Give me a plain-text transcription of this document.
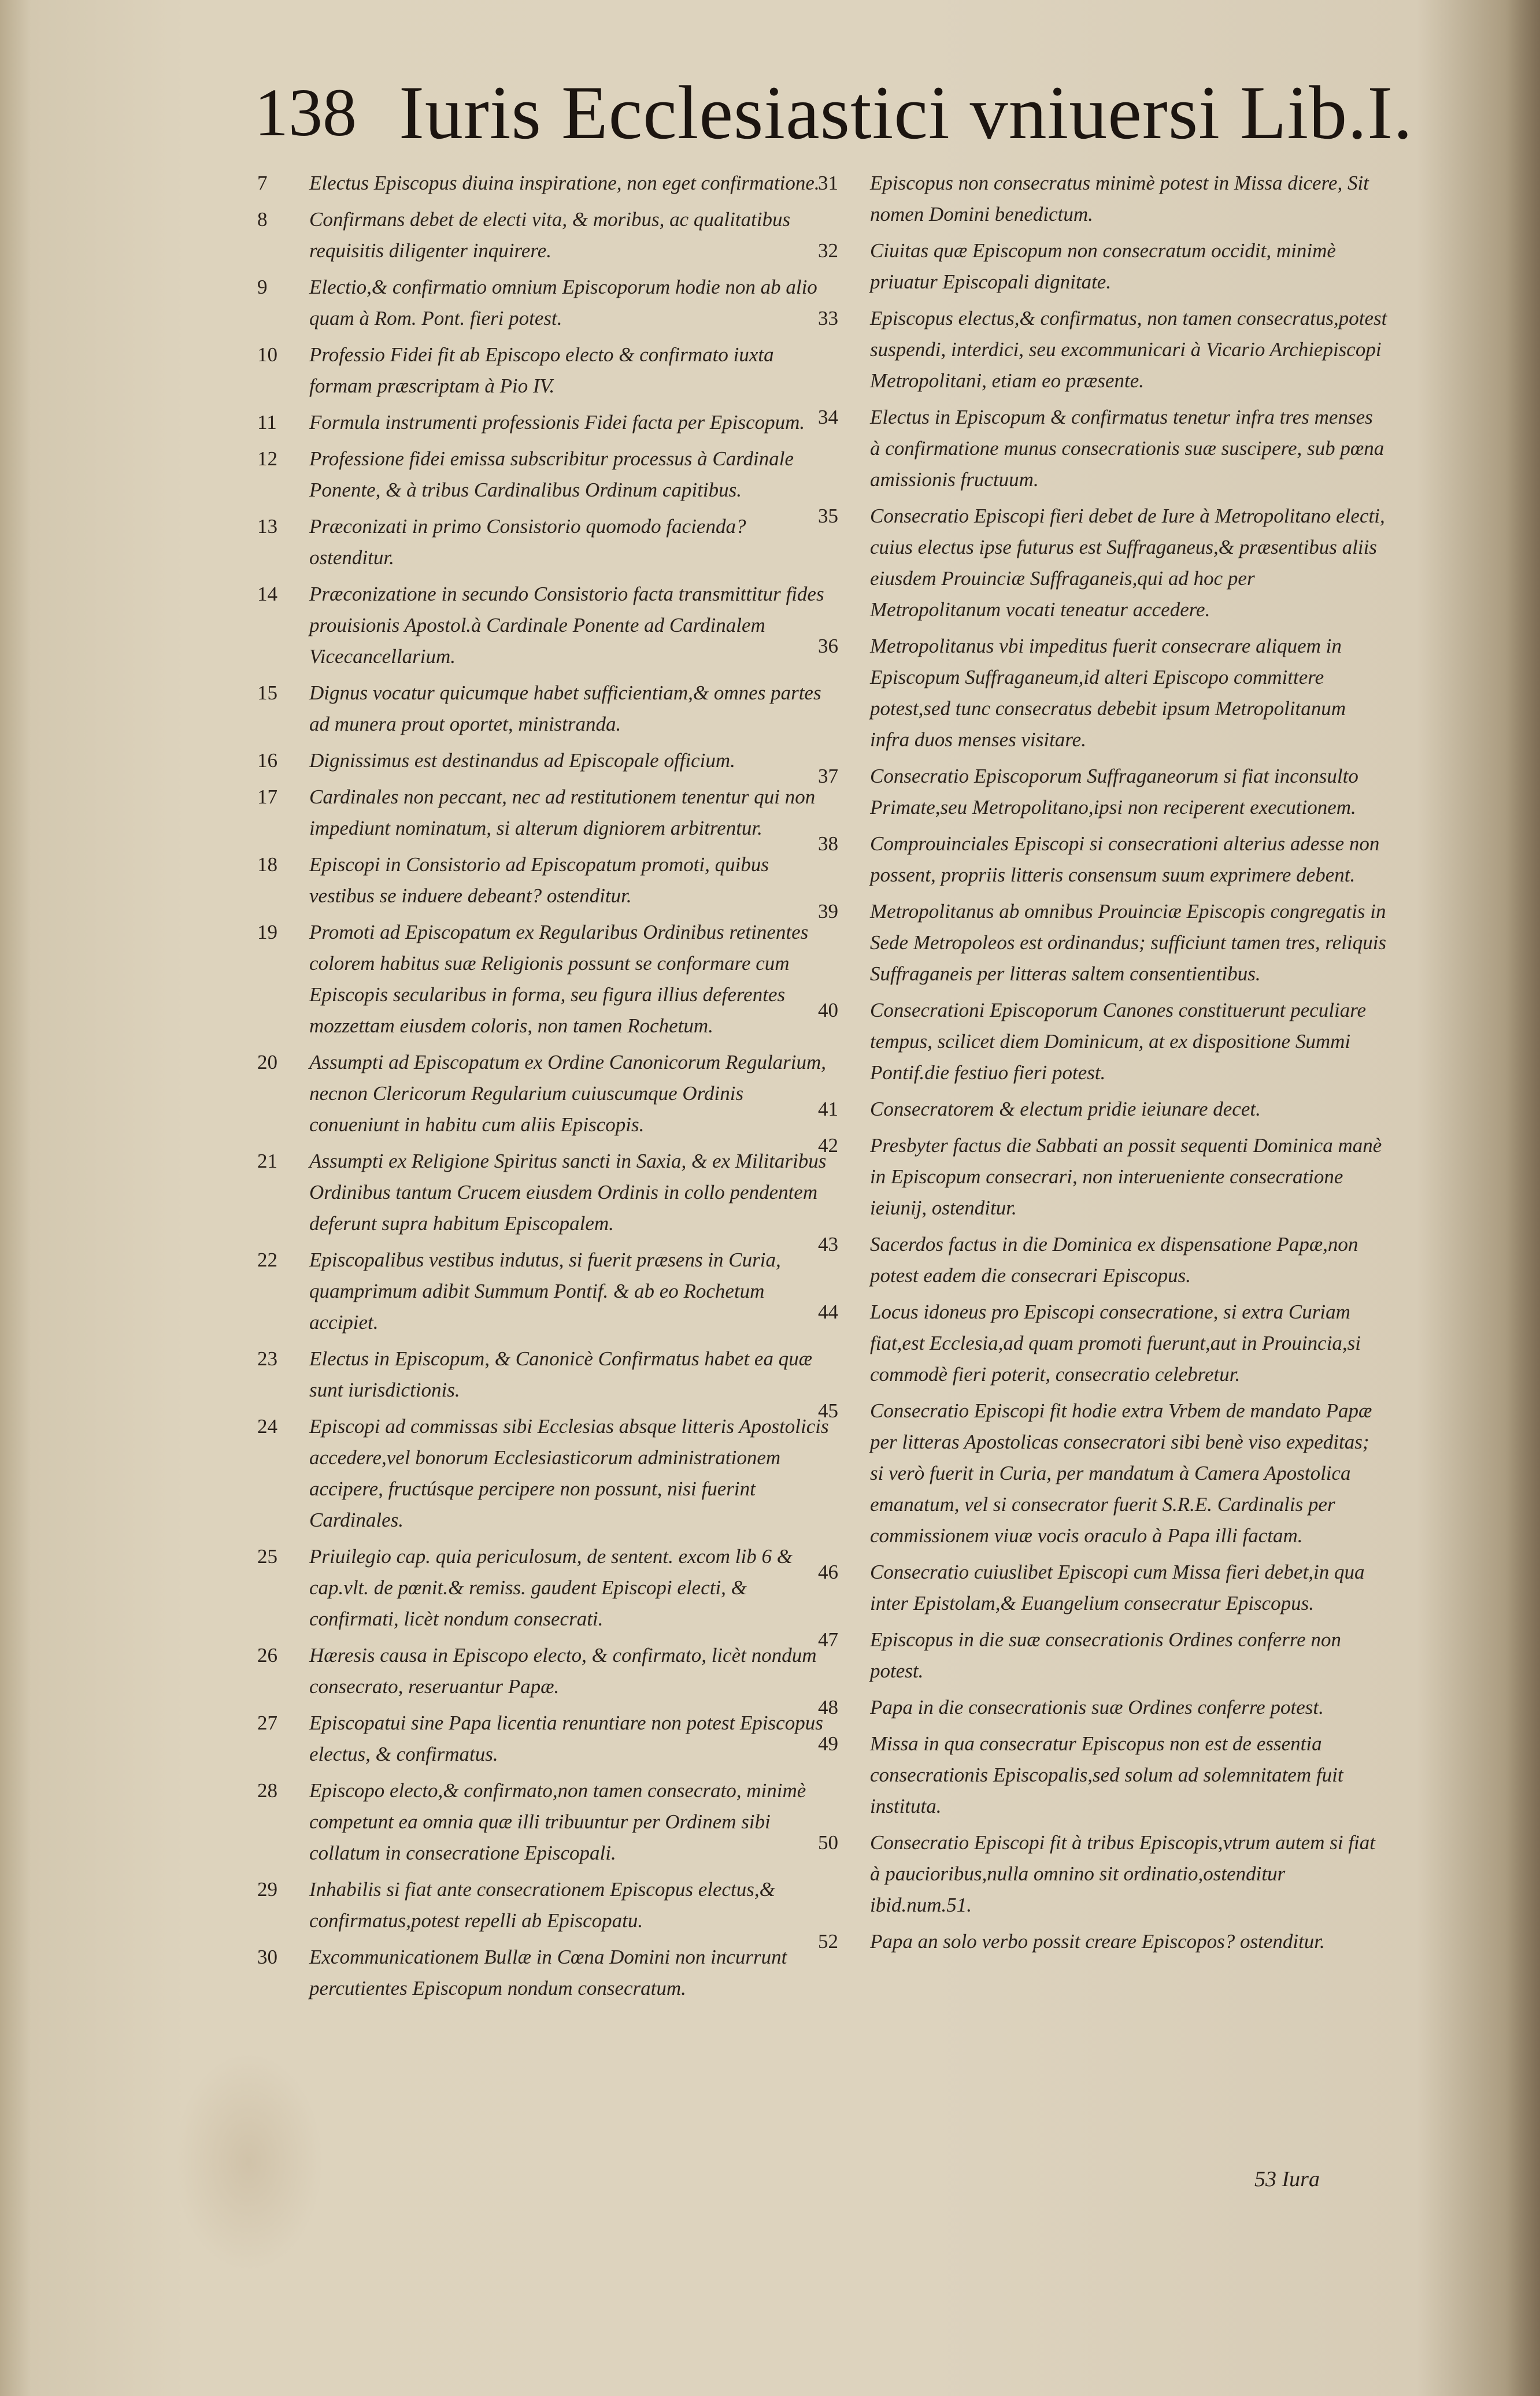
138 Iuris Ecclesiastici vniuersi Lib.I.
7	Electus Episcopus diuina inspiratione, non eget confirmatione.
8	Confirmans debet de electi vita, & moribus, ac qualitatibus requisitis diligenter inquirere.
9	Electio,& confirmatio omnium Episcoporum hodie non ab alio quam à Rom. Pont. fieri potest.
10	Professio Fidei fit ab Episcopo electo & confirmato iuxta formam præscriptam à Pio IV.
11	Formula instrumenti professionis Fidei facta per Episcopum.
12	Professione fidei emissa subscribitur processus à Cardinale Ponente, & à tribus Cardinalibus Ordinum capitibus.
13	Præconizati in primo Consistorio quomodo facienda? ostenditur.
14	Præconizatione in secundo Consistorio facta transmittitur fides prouisionis Apostol.à Cardinale Ponente ad Cardinalem Vicecancellarium.
15	Dignus vocatur quicumque habet sufficientiam,& omnes partes ad munera prout oportet, ministranda.
16	Dignissimus est destinandus ad Episcopale officium.
17	Cardinales non peccant, nec ad restitutionem tenentur qui non impediunt nominatum, si alterum digniorem arbitrentur.
18	Episcopi in Consistorio ad Episcopatum promoti, quibus vestibus se induere debeant? ostenditur.
19	Promoti ad Episcopatum ex Regularibus Ordinibus retinentes colorem habitus suæ Religionis possunt se conformare cum Episcopis secularibus in forma, seu figura illius deferentes mozzettam eiusdem coloris, non tamen Rochetum.
20	Assumpti ad Episcopatum ex Ordine Canonicorum Regularium, necnon Clericorum Regularium cuiuscumque Ordinis conueniunt in habitu cum aliis Episcopis.
21	Assumpti ex Religione Spiritus sancti in Saxia, & ex Militaribus Ordinibus tantum Crucem eiusdem Ordinis in collo pendentem deferunt supra habitum Episcopalem.
22	Episcopalibus vestibus indutus, si fuerit præsens in Curia, quamprimum adibit Summum Pontif. & ab eo Rochetum accipiet.
23	Electus in Episcopum, & Canonicè Confirmatus habet ea quæ sunt iurisdictionis.
24	Episcopi ad commissas sibi Ecclesias absque litteris Apostolicis accedere,vel bonorum Ecclesiasticorum administrationem accipere, fructúsque percipere non possunt, nisi fuerint Cardinales.
25	Priuilegio cap. quia periculosum, de sentent. excom lib 6 & cap.vlt. de pœnit.& remiss. gaudent Episcopi electi, & confirmati, licèt nondum consecrati.
26	Hæresis causa in Episcopo electo, & confirmato, licèt nondum consecrato, reseruantur Papæ.
27	Episcopatui sine Papa licentia renuntiare non potest Episcopus electus, & confirmatus.
28	Episcopo electo,& confirmato,non tamen consecrato, minimè competunt ea omnia quæ illi tribuuntur per Ordinem sibi collatum in consecratione Episcopali.
29	Inhabilis si fiat ante consecrationem Episcopus electus,& confirmatus,potest repelli ab Episcopatu.
30	Excommunicationem Bullæ in Cœna Domini non incurrunt percutientes Episcopum nondum consecratum.
31	Episcopus non consecratus minimè potest in Missa dicere, Sit nomen Domini benedictum.
32	Ciuitas quæ Episcopum non consecratum occidit, minimè priuatur Episcopali dignitate.
33	Episcopus electus,& confirmatus, non tamen consecratus,potest suspendi, interdici, seu excommunicari à Vicario Archiepiscopi Metropolitani, etiam eo præsente.
34	Electus in Episcopum & confirmatus tenetur infra tres menses à confirmatione munus consecrationis suæ suscipere, sub pœna amissionis fructuum.
35	Consecratio Episcopi fieri debet de Iure à Metropolitano electi, cuius electus ipse futurus est Suffraganeus,& præsentibus aliis eiusdem Prouinciæ Suffraganeis,qui ad hoc per Metropolitanum vocati teneatur accedere.
36	Metropolitanus vbi impeditus fuerit consecrare aliquem in Episcopum Suffraganeum,id alteri Episcopo committere potest,sed tunc consecratus debebit ipsum Metropolitanum infra duos menses visitare.
37	Consecratio Episcoporum Suffraganeorum si fiat inconsulto Primate,seu Metropolitano,ipsi non reciperent executionem.
38	Comprouinciales Episcopi si consecrationi alterius adesse non possent, propriis litteris consensum suum exprimere debent.
39	Metropolitanus ab omnibus Prouinciæ Episcopis congregatis in Sede Metropoleos est ordinandus; sufficiunt tamen tres, reliquis Suffraganeis per litteras saltem consentientibus.
40	Consecrationi Episcoporum Canones constituerunt peculiare tempus, scilicet diem Dominicum, at ex dispositione Summi Pontif.die festiuo fieri potest.
41	Consecratorem & electum pridie ieiunare decet.
42	Presbyter factus die Sabbati an possit sequenti Dominica manè in Episcopum consecrari, non interueniente consecratione ieiunij, ostenditur.
43	Sacerdos factus in die Dominica ex dispensatione Papæ,non potest eadem die consecrari Episcopus.
44	Locus idoneus pro Episcopi consecratione, si extra Curiam fiat,est Ecclesia,ad quam promoti fuerunt,aut in Prouincia,si commodè fieri poterit, consecratio celebretur.
45	Consecratio Episcopi fit hodie extra Vrbem de mandato Papæ per litteras Apostolicas consecratori sibi benè viso expeditas; si verò fuerit in Curia, per mandatum à Camera Apostolica emanatum, vel si consecrator fuerit S.R.E. Cardinalis per commissionem viuæ vocis oraculo à Papa illi factam.
46	Consecratio cuiuslibet Episcopi cum Missa fieri debet,in qua inter Epistolam,& Euangelium consecratur Episcopus.
47	Episcopus in die suæ consecrationis Ordines conferre non potest.
48	Papa in die consecrationis suæ Ordines conferre potest.
49	Missa in qua consecratur Episcopus non est de essentia consecrationis Episcopalis,sed solum ad solemnitatem fuit instituta.
50	Consecratio Episcopi fit à tribus Episcopis,vtrum autem si fiat à paucioribus,nulla omnino sit ordinatio,ostenditur ibid.num.51.
52	Papa an solo verbo possit creare Episcopos? ostenditur.
53 Iura
